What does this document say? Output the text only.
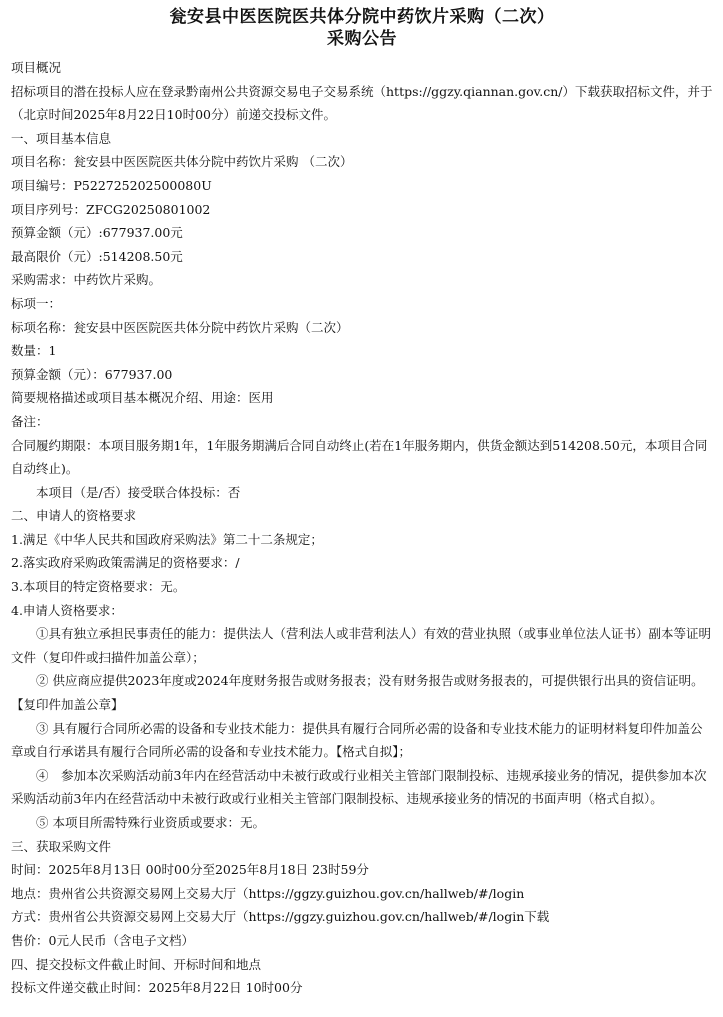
瓮安县中医医院医共体分院中药饮片采购（二次）
采购公告
项目概况
招标项目的潜在投标人应在登录黔南州公共资源交易电子交易系统（https://ggzy.qiannan.gov.cn/）下载获取招标文件，并于（北京时间2025年8月22日10时00分）前递交投标文件。
一、项目基本信息
项目名称：瓮安县中医医院医共体分院中药饮片采购 （二次）
项目编号：P522725202500080U
项目序列号：ZFCG20250801002
预算金额（元）:677937.00元
最高限价（元）:514208.50元
采购需求：中药饮片采购。
标项一：
标项名称：瓮安县中医医院医共体分院中药饮片采购（二次）
数量：1
预算金额（元）：677937.00
简要规格描述或项目基本概况介绍、用途：医用
备注：
合同履约期限：本项目服务期1年，1年服务期满后合同自动终止(若在1年服务期内，供货金额达到514208.50元，本项目合同自动终止)。
本项目（是/否）接受联合体投标：否
二、申请人的资格要求
1.满足《中华人民共和国政府采购法》第二十二条规定；
2.落实政府采购政策需满足的资格要求：/
3.本项目的特定资格要求：无。
4.申请人资格要求：
①具有独立承担民事责任的能力：提供法人（营利法人或非营利法人）有效的营业执照（或事业单位法人证书）副本等证明文件（复印件或扫描件加盖公章）；
② 供应商应提供2023年度或2024年度财务报告或财务报表；没有财务报告或财务报表的，可提供银行出具的资信证明。【复印件加盖公章】
③ 具有履行合同所必需的设备和专业技术能力：提供具有履行合同所必需的设备和专业技术能力的证明材料复印件加盖公章或自行承诺具有履行合同所必需的设备和专业技术能力。【格式自拟】；
④　参加本次采购活动前3年内在经营活动中未被行政或行业相关主管部门限制投标、违规承接业务的情况，提供参加本次采购活动前3年内在经营活动中未被行政或行业相关主管部门限制投标、违规承接业务的情况的书面声明（格式自拟）。
⑤ 本项目所需特殊行业资质或要求：无。
三、获取采购文件
时间：2025年8月13日 00时00分至2025年8月18日 23时59分
地点：贵州省公共资源交易网上交易大厅（https://ggzy.guizhou.gov.cn/hallweb/#/login
方式：贵州省公共资源交易网上交易大厅（https://ggzy.guizhou.gov.cn/hallweb/#/login下载
售价：0元人民币（含电子文档）
四、提交投标文件截止时间、开标时间和地点
投标文件递交截止时间：2025年8月22日 10时00分
